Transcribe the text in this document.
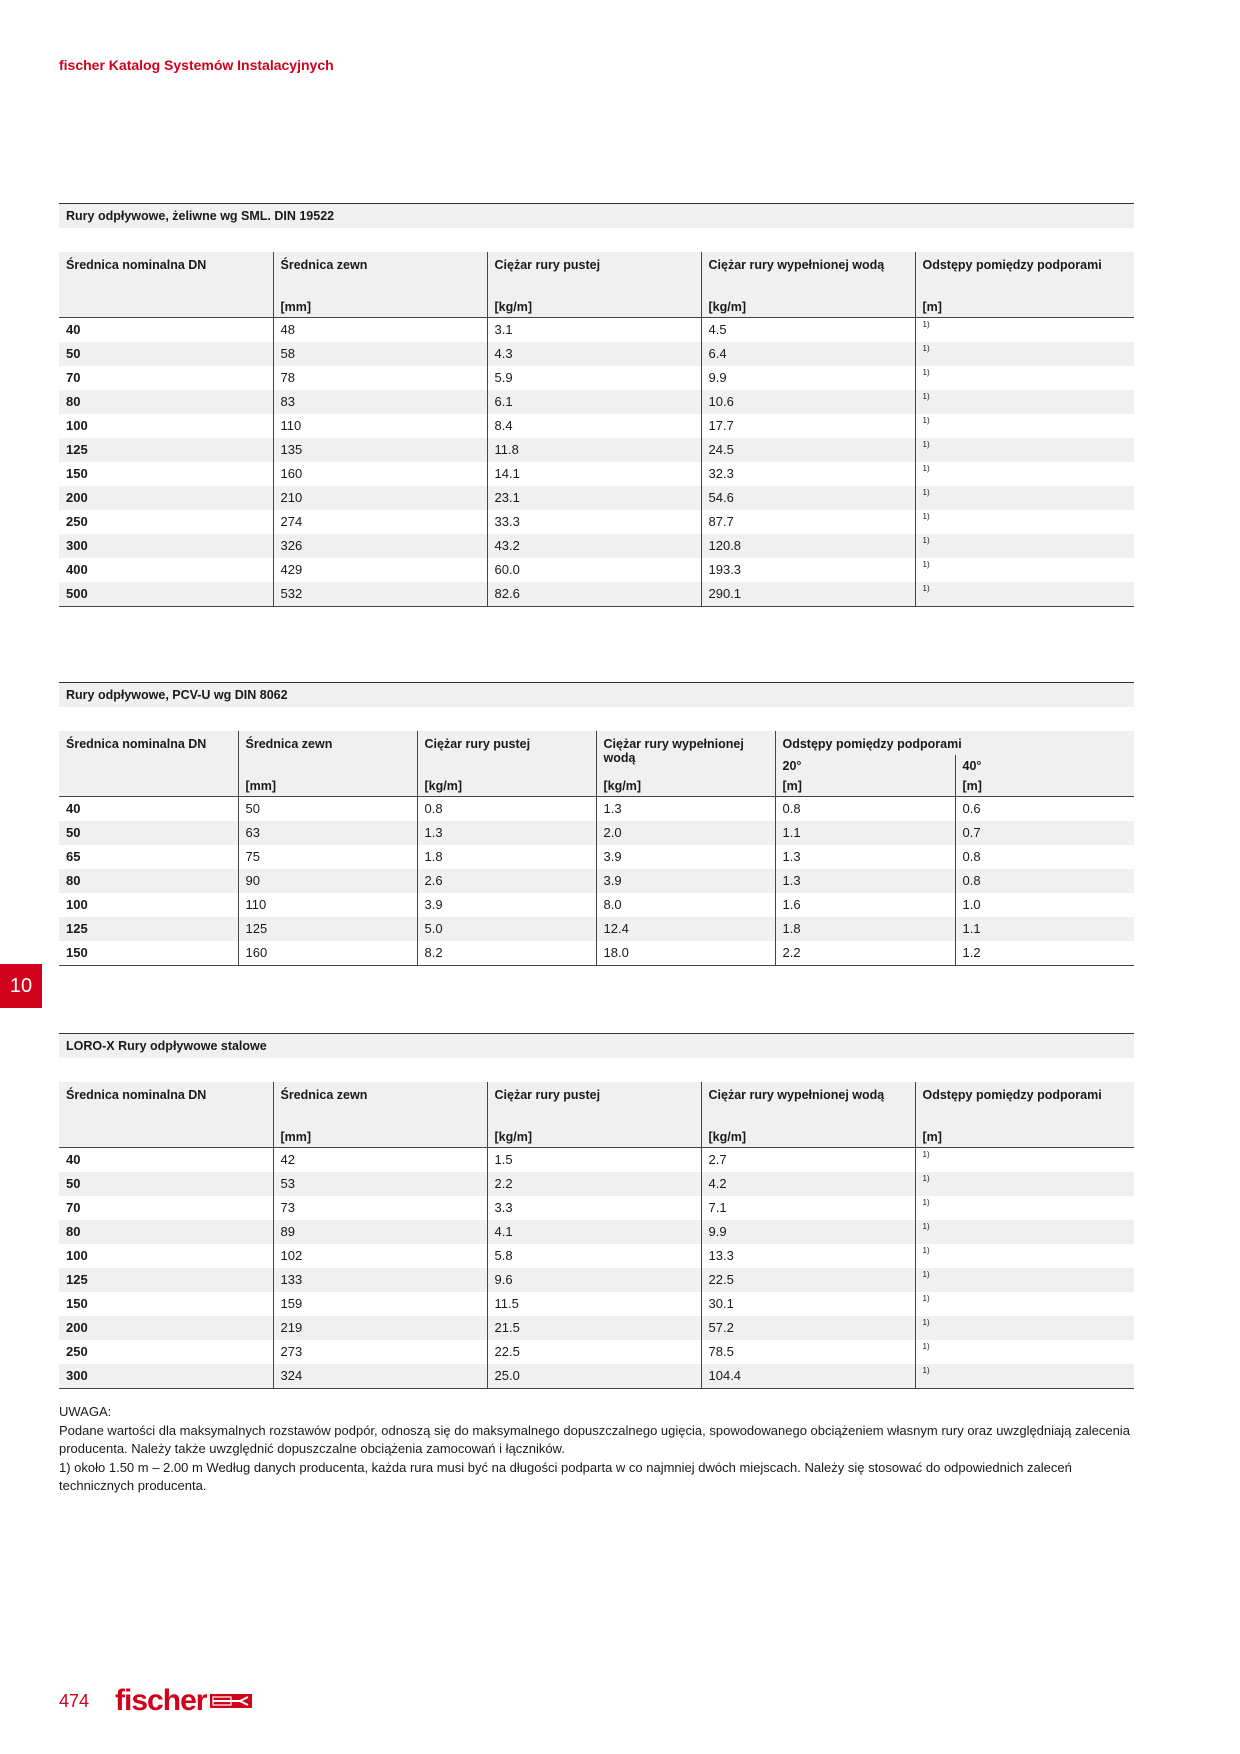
fischer Katalog Systemów Instalacyjnych
Rury odpływowe, żeliwne wg SML. DIN 19522
Średnica nominalna DN	Średnica zewn	Ciężar rury pustej	Ciężar rury wypełnionej wodą	Odstępy pomiędzy podporami
	[mm]	[kg/m]	[kg/m]	[m]
40	48	3.1	4.5	1)
50	58	4.3	6.4	1)
70	78	5.9	9.9	1)
80	83	6.1	10.6	1)
100	110	8.4	17.7	1)
125	135	11.8	24.5	1)
150	160	14.1	32.3	1)
200	210	23.1	54.6	1)
250	274	33.3	87.7	1)
300	326	43.2	120.8	1)
400	429	60.0	193.3	1)
500	532	82.6	290.1	1)
Rury odpływowe, PCV-U wg DIN 8062
Średnica nominalna DN	Średnica zewn	Ciężar rury pustej	Ciężar rury wypełnionej wodą	Odstępy pomiędzy podporami	
				20°	40°
	[mm]	[kg/m]	[kg/m]	[m]	[m]
40	50	0.8	1.3	0.8	0.6
50	63	1.3	2.0	1.1	0.7
65	75	1.8	3.9	1.3	0.8
80	90	2.6	3.9	1.3	0.8
100	110	3.9	8.0	1.6	1.0
125	125	5.0	12.4	1.8	1.1
150	160	8.2	18.0	2.2	1.2
LORO-X Rury odpływowe stalowe
Średnica nominalna DN	Średnica zewn	Ciężar rury pustej	Ciężar rury wypełnionej wodą	Odstępy pomiędzy podporami
	[mm]	[kg/m]	[kg/m]	[m]
40	42	1.5	2.7	1)
50	53	2.2	4.2	1)
70	73	3.3	7.1	1)
80	89	4.1	9.9	1)
100	102	5.8	13.3	1)
125	133	9.6	22.5	1)
150	159	11.5	30.1	1)
200	219	21.5	57.2	1)
250	273	22.5	78.5	1)
300	324	25.0	104.4	1)
10
UWAGA:
Podane wartości dla maksymalnych rozstawów podpór, odnoszą się do maksymalnego dopuszczalnego ugięcia, spowodowanego obciążeniem własnym rury oraz uwzględniają zalecenia producenta. Należy także uwzględnić dopuszczalne obciążenia zamocowań i łączników.
1) około 1.50 m – 2.00 m Według danych producenta, każda rura musi być na długości podparta w co najmniej dwóch miejscach. Należy się stosować do odpowiednich zaleceń technicznych producenta.
474 fischer
